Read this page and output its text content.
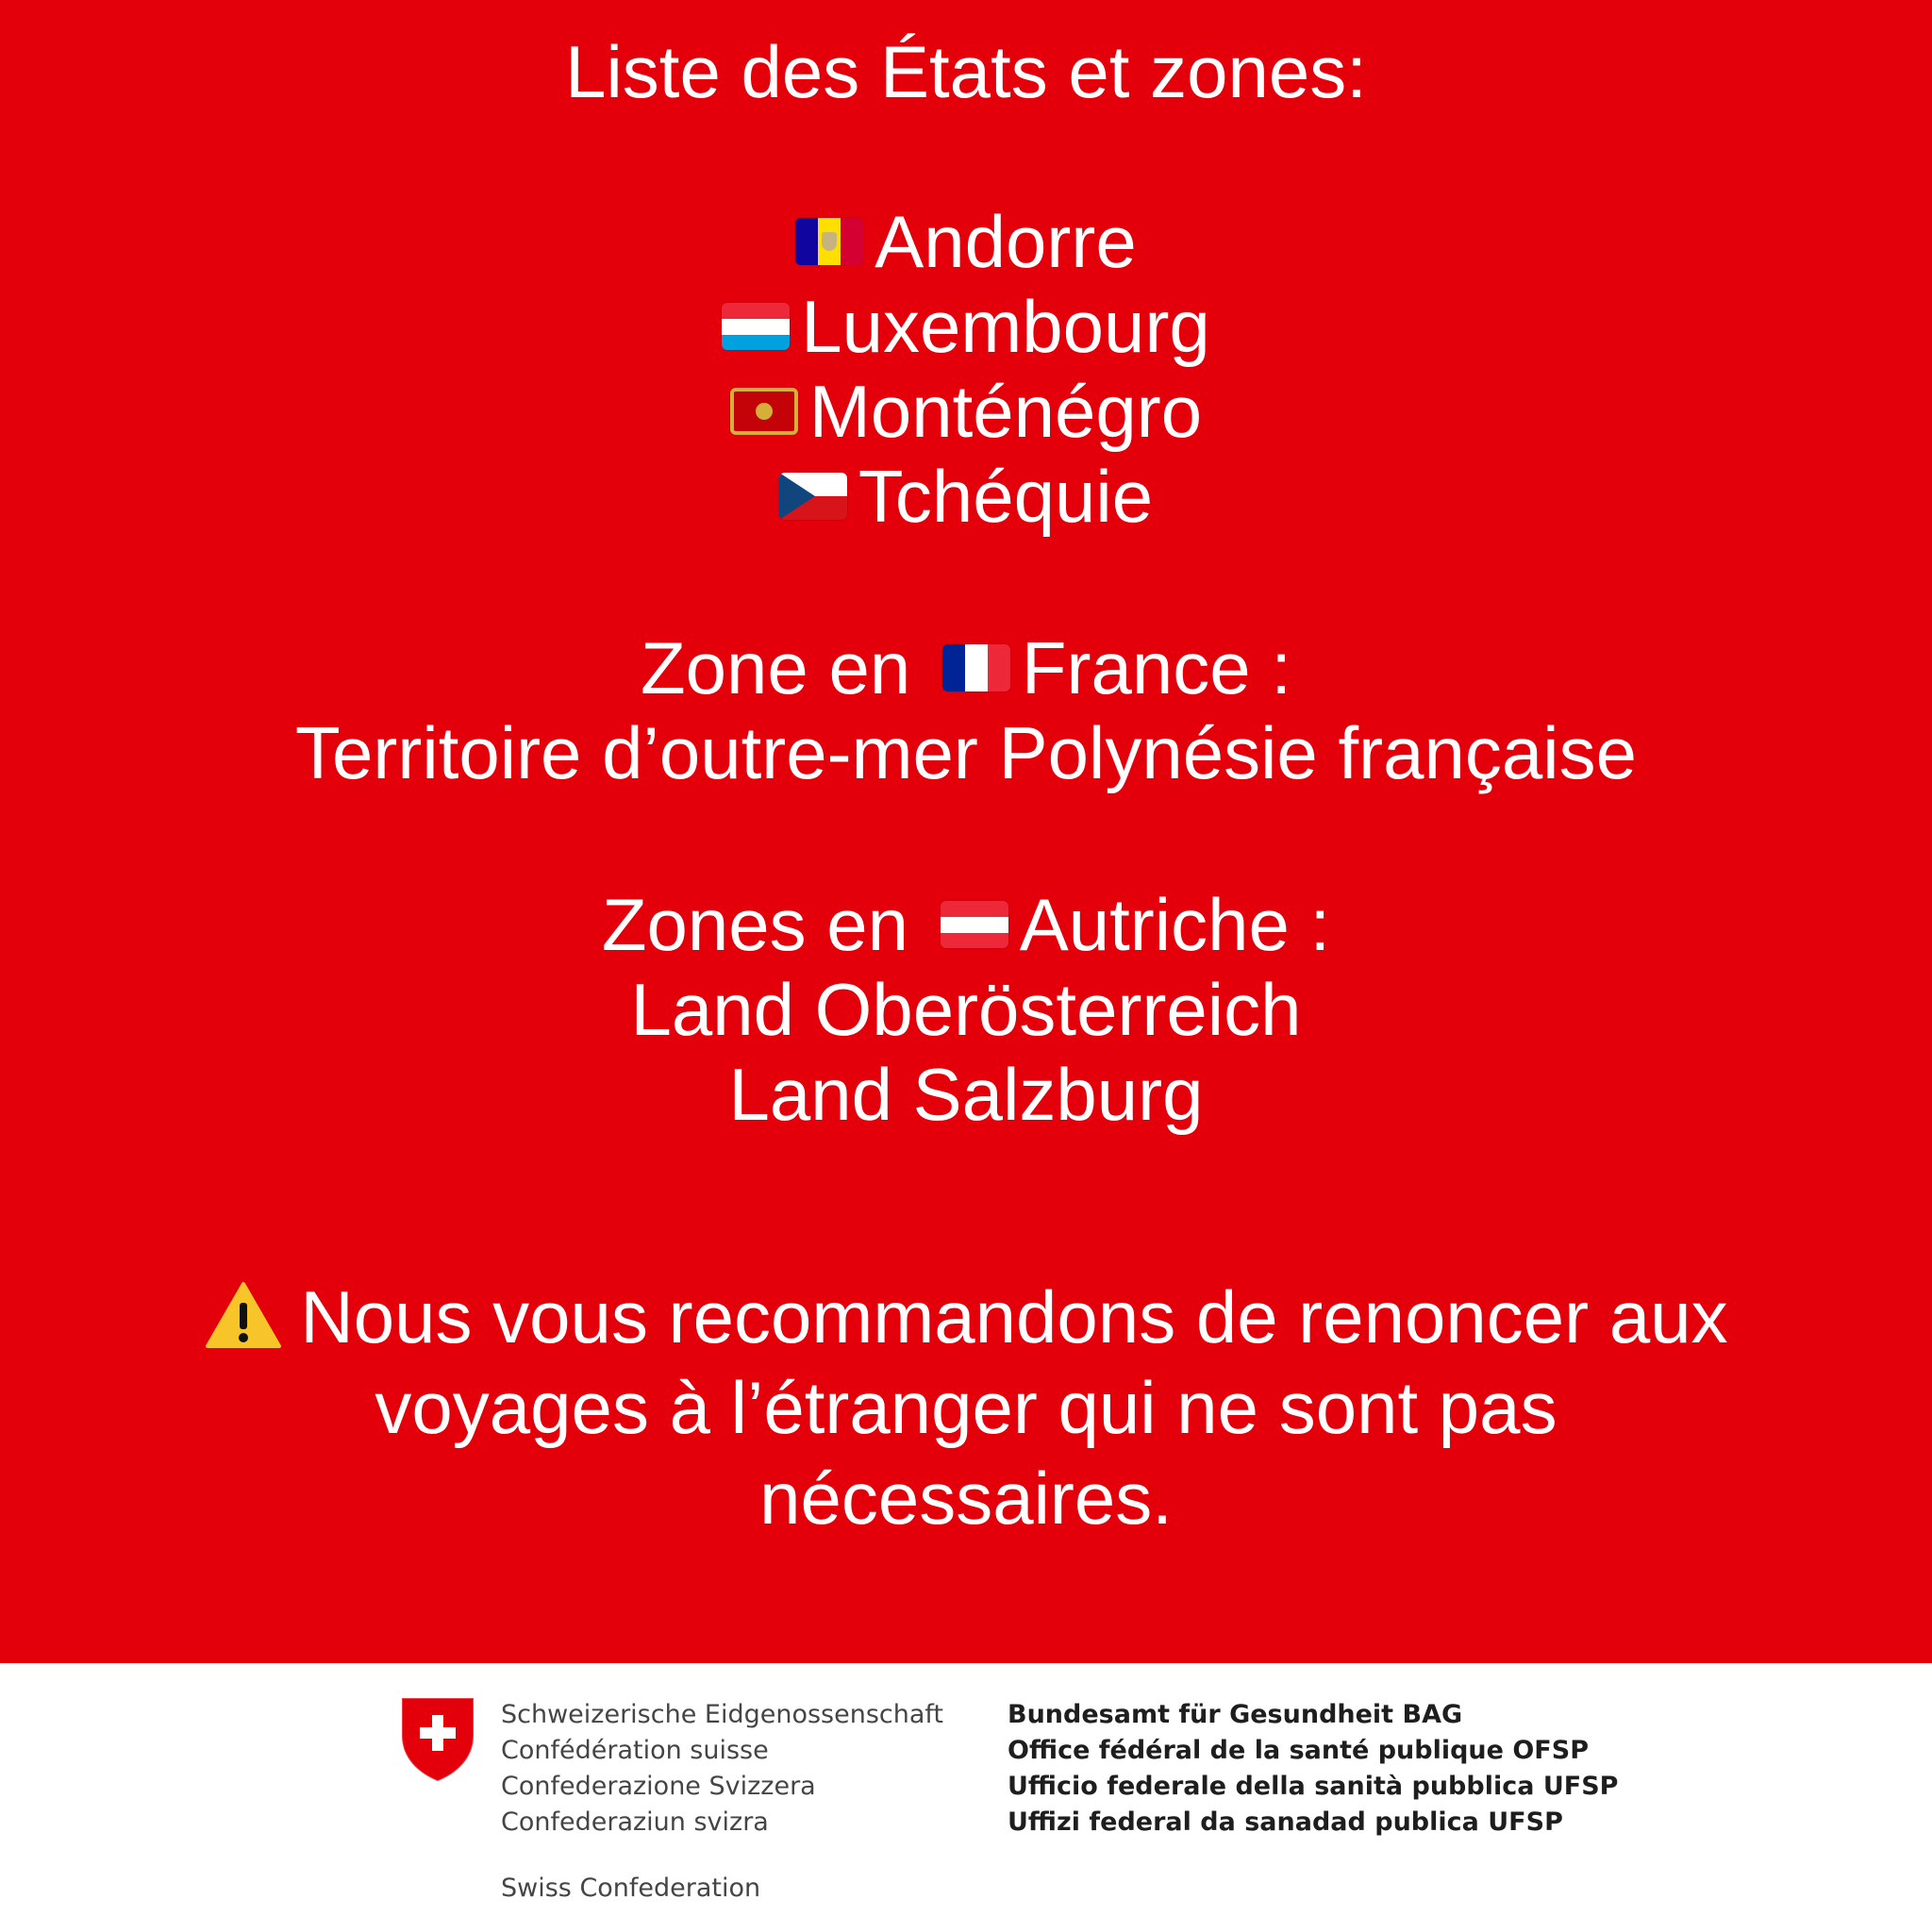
Liste des États et zones:
Andorre
Luxembourg
Monténégro
Tchéquie
Zone en France :
Territoire d’outre-mer Polynésie française
Zones en Autriche :
Land Oberösterreich
Land Salzburg
Nous vous recommandons de renoncer aux
voyages à l’étranger qui ne sont pas
nécessaires.
Schweizerische Eidgenossenschaft
Confédération suisse
Confederazione Svizzera
Confederaziun svizra
Swiss Confederation
Bundesamt für Gesundheit BAG
Office fédéral de la santé publique OFSP
Ufficio federale della sanità pubblica UFSP
Uffizi federal da sanadad publica UFSP
